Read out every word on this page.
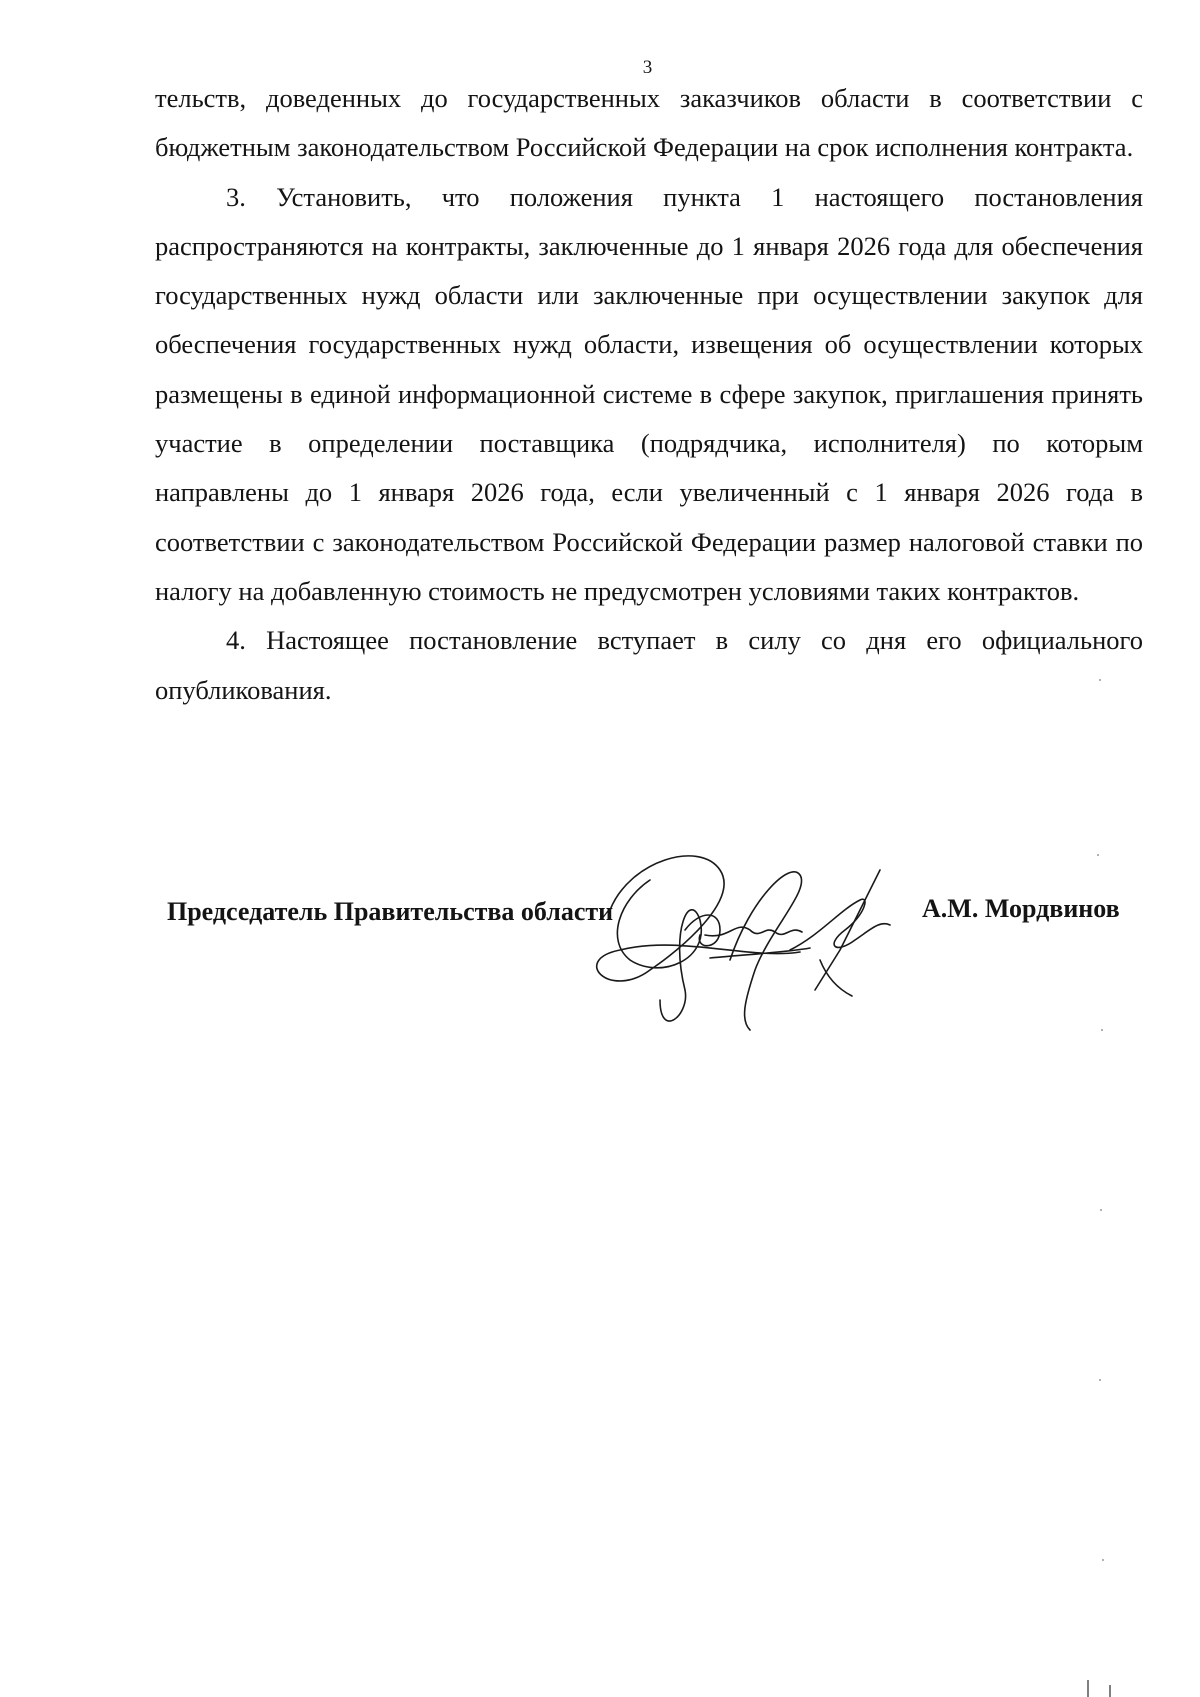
3

тельств, доведенных до государственных заказчиков области в соответствии с бюджетным законодательством Российской Федерации на срок исполнения контракта.

3. Установить, что положения пункта 1 настоящего постановления распространяются на контракты, заключенные до 1 января 2026 года для обеспечения государственных нужд области или заключенные при осуществлении закупок для обеспечения государственных нужд области, извещения об осуществлении которых размещены в единой информационной системе в сфере закупок, приглашения принять участие в определении поставщика (подрядчика, исполнителя) по которым направлены до 1 января 2026 года, если увеличенный с 1 января 2026 года в соответствии с законодательством Российской Федерации размер налоговой ставки по налогу на добавленную стоимость не предусмотрен условиями таких контрактов.

4. Настоящее постановление вступает в силу со дня его официального опубликования.

Председатель Правительства области	А.М. Мордвинов
